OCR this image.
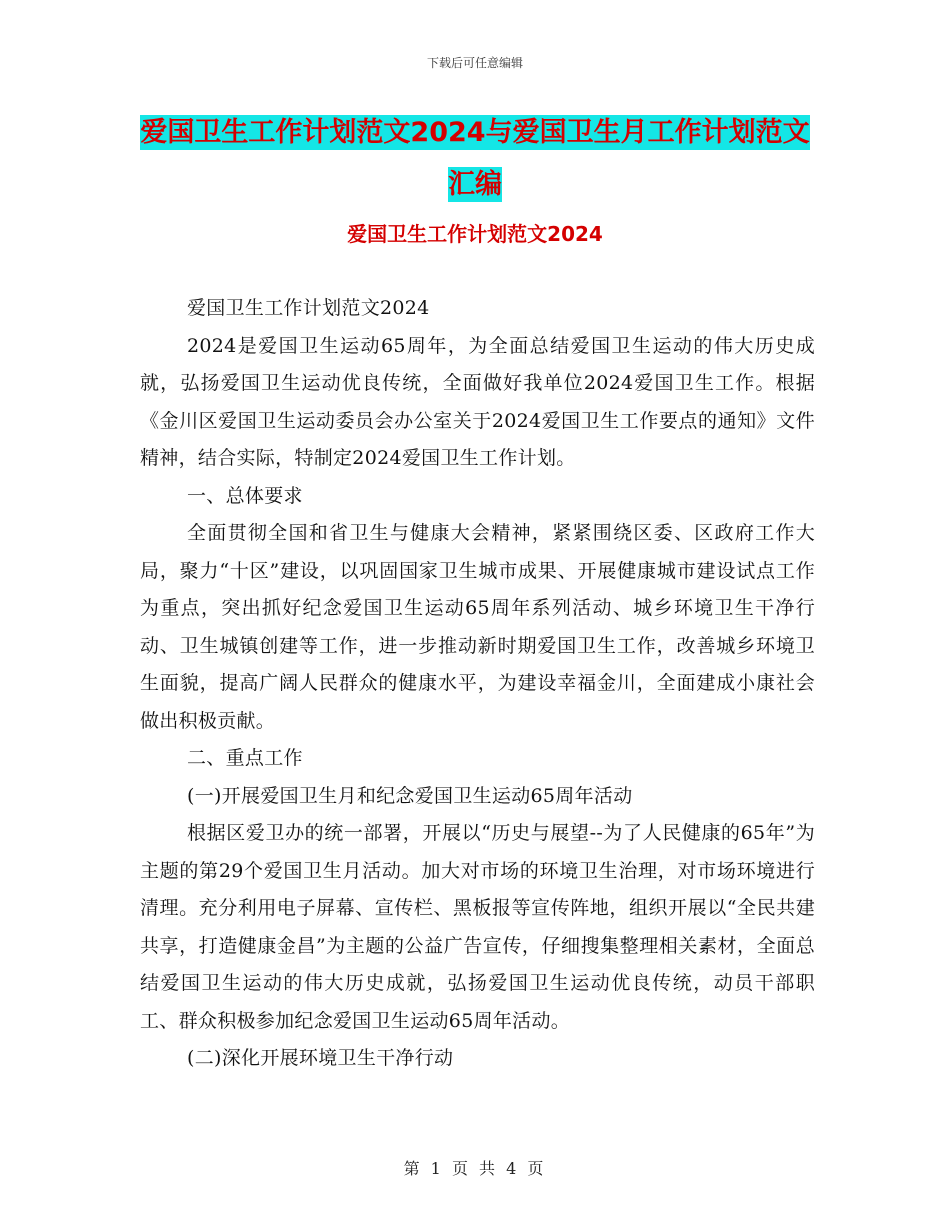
下载后可任意编辑
爱国卫生工作计划范文2024与爱国卫生月工作计划范文汇编
爱国卫生工作计划范文2024

爱国卫生工作计划范文2024

2024是爱国卫生运动65周年，为全面总结爱国卫生运动的伟大历史成就，弘扬爱国卫生运动优良传统，全面做好我单位2024爱国卫生工作。根据《金川区爱国卫生运动委员会办公室关于2024爱国卫生工作要点的通知》文件精神，结合实际，特制定2024爱国卫生工作计划。

一、总体要求

全面贯彻全国和省卫生与健康大会精神，紧紧围绕区委、区政府工作大局，聚力“十区”建设，以巩固国家卫生城市成果、开展健康城市建设试点工作为重点，突出抓好纪念爱国卫生运动65周年系列活动、城乡环境卫生干净行动、卫生城镇创建等工作，进一步推动新时期爱国卫生工作，改善城乡环境卫生面貌，提高广阔人民群众的健康水平，为建设幸福金川，全面建成小康社会做出积极贡献。

二、重点工作

(一)开展爱国卫生月和纪念爱国卫生运动65周年活动

根据区爱卫办的统一部署，开展以“历史与展望--为了人民健康的65年”为主题的第29个爱国卫生月活动。加大对市场的环境卫生治理，对市场环境进行清理。充分利用电子屏幕、宣传栏、黑板报等宣传阵地，组织开展以“全民共建共享，打造健康金昌”为主题的公益广告宣传，仔细搜集整理相关素材，全面总结爱国卫生运动的伟大历史成就，弘扬爱国卫生运动优良传统，动员干部职工、群众积极参加纪念爱国卫生运动65周年活动。

(二)深化开展环境卫生干净行动

第 1 页 共 4 页
